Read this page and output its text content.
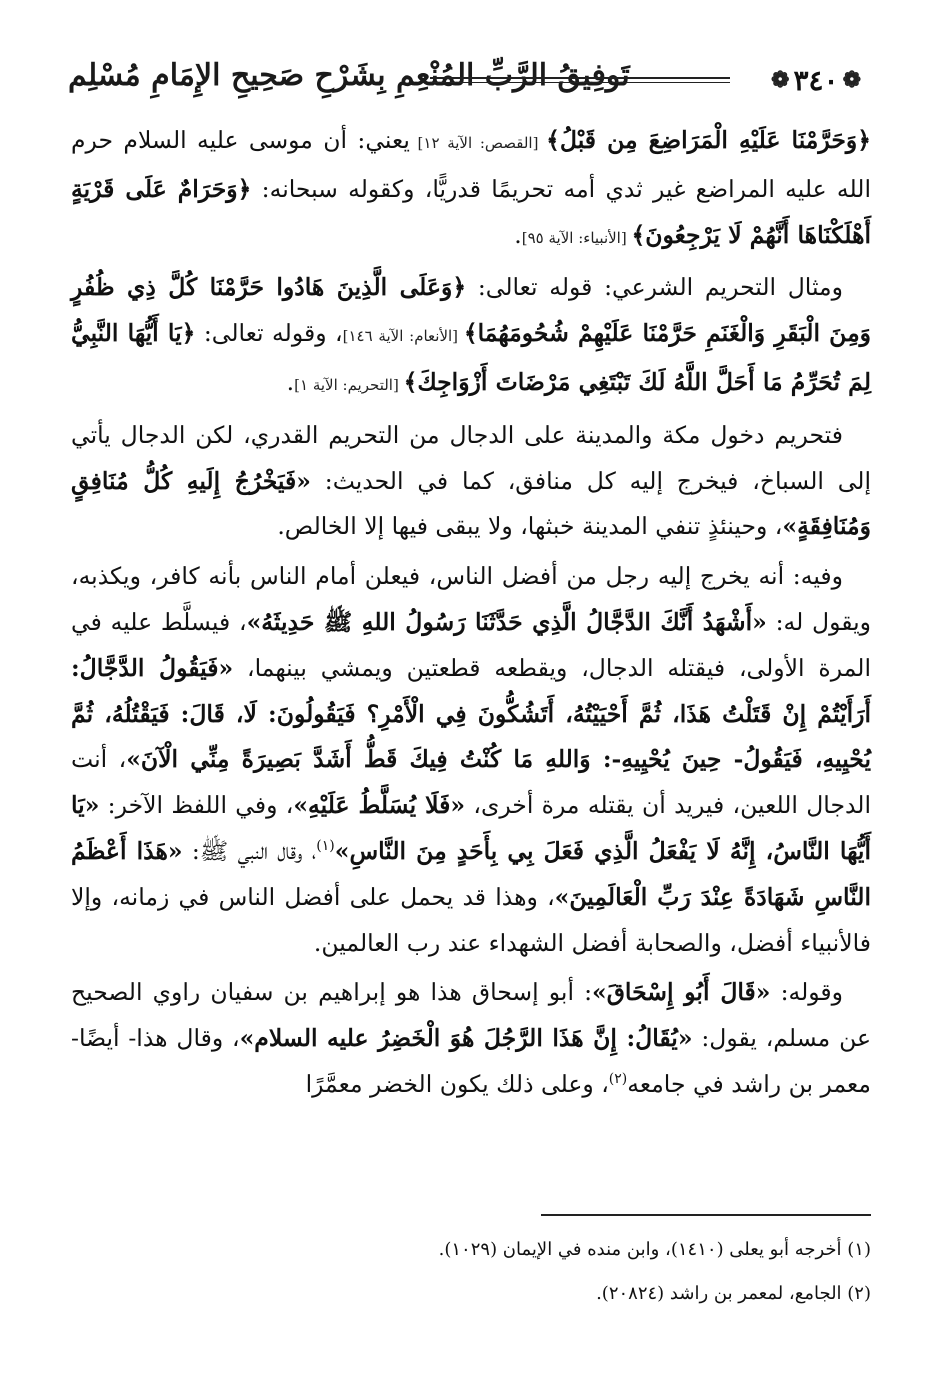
تَوفِيقُ الرَّبِّ المُنْعِمِ بِشَرْحِ صَحِيحِ الإِمَامِ مُسْلِم	❁
٣٤٠
❁

﴿وَحَرَّمْنَا عَلَيْهِ الْمَرَاضِعَ مِن قَبْلُ﴾ [القصص: الآية ١٢] يعني: أن موسى عليه السلام حرم الله عليه المراضع غير ثدي أمه تحريمًا قدريًّا، وكقوله سبحانه: ﴿وَحَرَامٌ عَلَى قَرْيَةٍ أَهْلَكْنَاهَا أَنَّهُمْ لَا يَرْجِعُونَ﴾ [الأنبياء: الآية ٩٥].

ومثال التحريم الشرعي: قوله تعالى: ﴿وَعَلَى الَّذِينَ هَادُوا حَرَّمْنَا كُلَّ ذِي ظُفُرٍ وَمِنَ الْبَقَرِ وَالْغَنَمِ حَرَّمْنَا عَلَيْهِمْ شُحُومَهُمَا﴾ [الأنعام: الآية ١٤٦]، وقوله تعالى: ﴿يَا أَيُّهَا النَّبِيُّ لِمَ تُحَرِّمُ مَا أَحَلَّ اللَّهُ لَكَ تَبْتَغِي مَرْضَاتَ أَزْوَاجِكَ﴾ [التحريم: الآية ١].

فتحريم دخول مكة والمدينة على الدجال من التحريم القدري، لكن الدجال يأتي إلى السباخ، فيخرج إليه كل منافق، كما في الحديث: «فَيَخْرُجُ إِلَيهِ كُلُّ مُنَافِقٍ وَمُنَافِقَةٍ»، وحينئذٍ تنفي المدينة خبثها، ولا يبقى فيها إلا الخالص.

وفيه: أنه يخرج إليه رجل من أفضل الناس، فيعلن أمام الناس بأنه كافر، ويكذبه، ويقول له: «أَشْهَدُ أَنَّكَ الدَّجَّالُ الَّذِي حَدَّثَنَا رَسُولُ اللهِ ﷺ حَدِيثَهُ»، فيسلَّط عليه في المرة الأولى، فيقتله الدجال، ويقطعه قطعتين ويمشي بينهما، «فَيَقُولُ الدَّجَّالُ: أَرَأَيْتُمْ إِنْ قَتَلْتُ هَذَا، ثُمَّ أَحْيَيْتُهُ، أَتَشُكُّونَ فِي الْأَمْرِ؟ فَيَقُولُونَ: لَا، قَالَ: فَيَقْتُلُهُ، ثُمَّ يُحْيِيهِ، فَيَقُولُ- حِينَ يُحْيِيهِ-: وَاللهِ مَا كُنْتُ فِيكَ قَطُّ أَشَدَّ بَصِيرَةً مِنِّي الْآنَ»، أنت الدجال اللعين، فيريد أن يقتله مرة أخرى، «فَلَا يُسَلَّطُ عَلَيْهِ»، وفي اللفظ الآخر: «يَا أَيُّهَا النَّاسُ، إِنَّهُ لَا يَفْعَلُ الَّذِي فَعَلَ بِي بِأَحَدٍ مِنَ النَّاسِ»$^{(١)}$، وقال النبي ﷺ: «هَذَا أَعْظَمُ النَّاسِ شَهَادَةً عِنْدَ رَبِّ الْعَالَمِينَ»، وهذا قد يحمل على أفضل الناس في زمانه، وإلا فالأنبياء أفضل، والصحابة أفضل الشهداء عند رب العالمين.

وقوله: «قَالَ أَبُو إِسْحَاقَ»: أبو إسحاق هذا هو إبراهيم بن سفيان راوي الصحيح عن مسلم، يقول: «يُقَالُ: إِنَّ هَذَا الرَّجُلَ هُوَ الْخَضِرُ عليه السلام»، وقال هذا- أيضًا- معمر بن راشد في جامعه$^{(٢)}$، وعلى ذلك يكون الخضر معمَّرًا

(١) أخرجه أبو يعلى (١٤١٠)، وابن منده في الإيمان (١٠٢٩).
(٢) الجامع، لمعمر بن راشد (٢٠٨٢٤).
